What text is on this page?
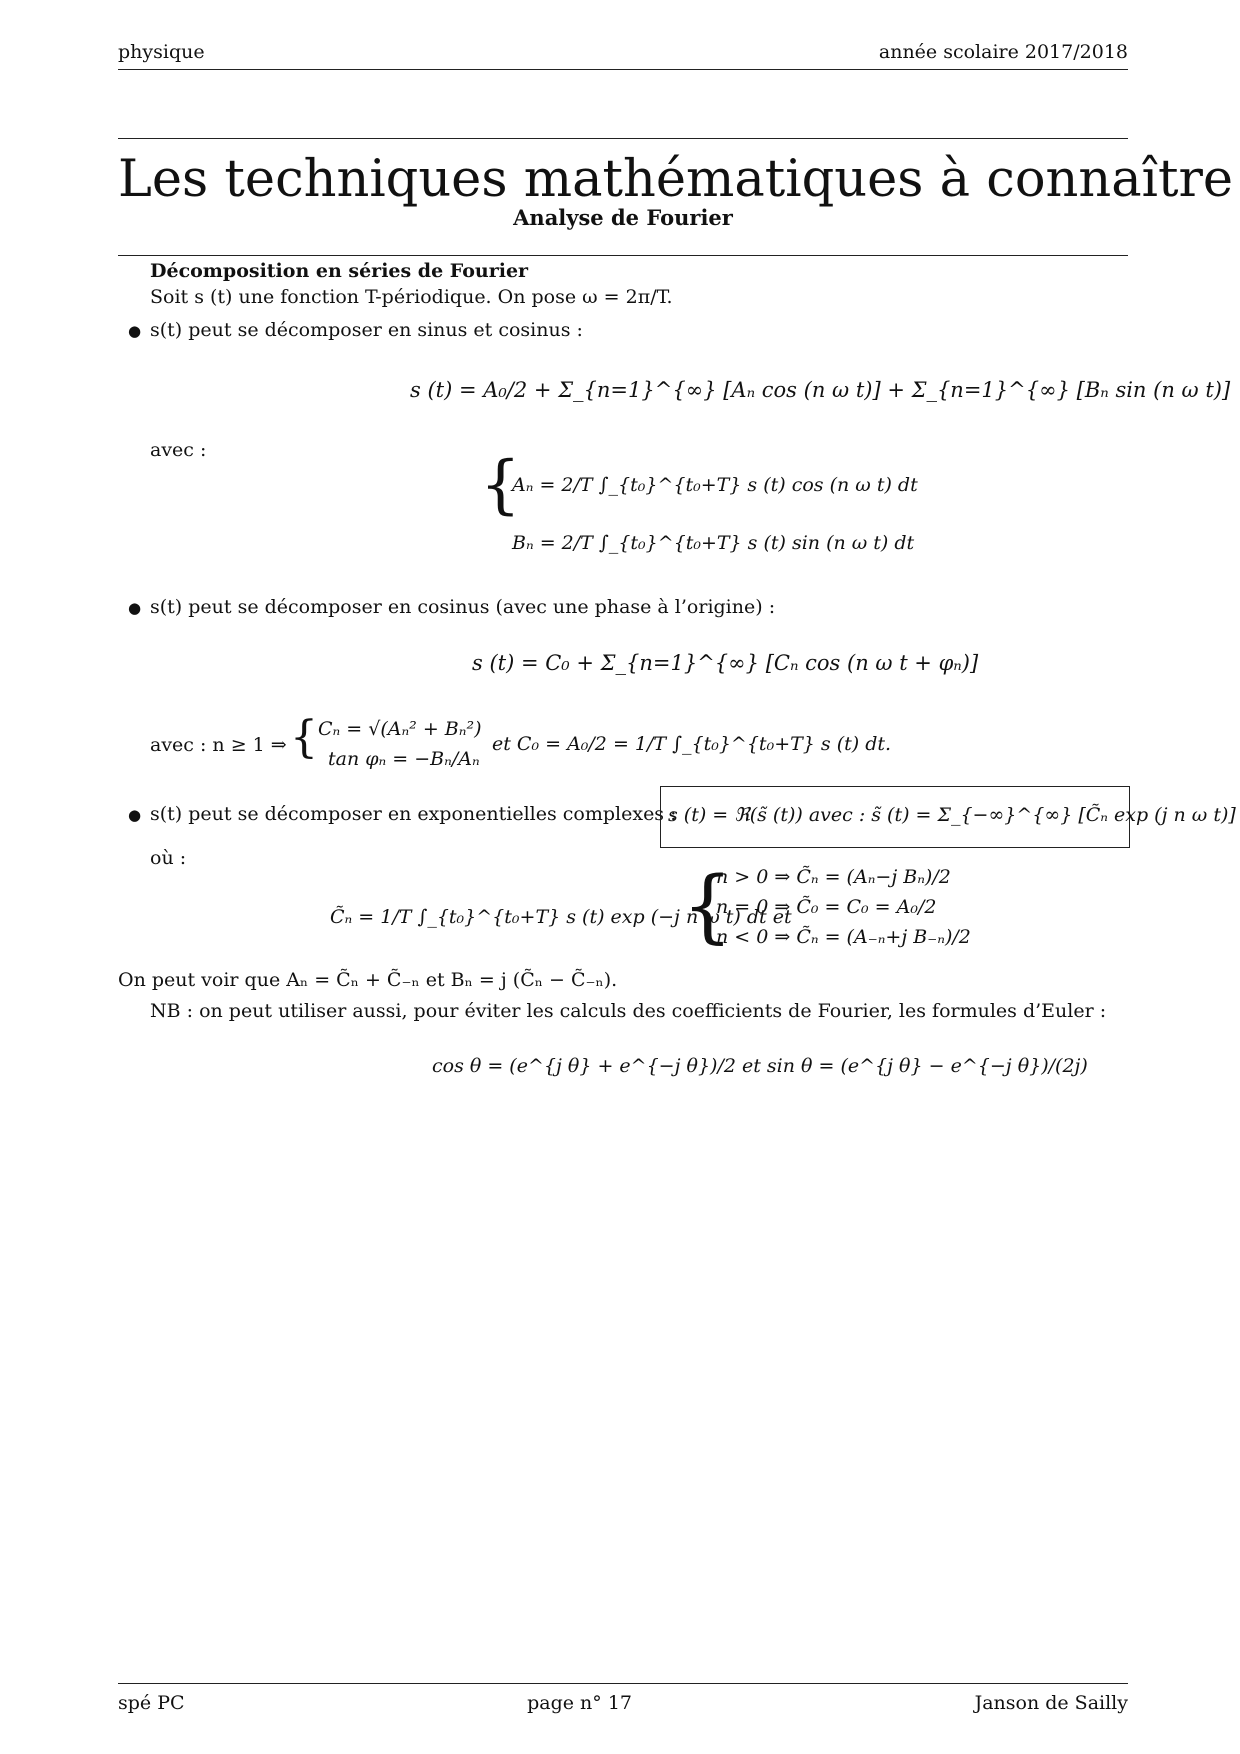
physique	année scolaire 2017/2018
Les techniques mathématiques à connaître
Analyse de Fourier
Décomposition en séries de Fourier
Soit s (t) une fonction T-périodique. On pose ω = 2π/T.
● s(t) peut se décomposer en sinus et cosinus :
s (t) = A₀/2 + Σ_{n=1}^{∞} [Aₙ cos (n ω t)] + Σ_{n=1}^{∞} [Bₙ sin (n ω t)]
avec :	{
Aₙ = 2/T ∫_{t₀}^{t₀+T} s (t) cos (n ω t) dt
Bₙ = 2/T ∫_{t₀}^{t₀+T} s (t) sin (n ω t) dt
● s(t) peut se décomposer en cosinus (avec une phase à l’origine) :
s (t) = C₀ + Σ_{n=1}^{∞} [Cₙ cos (n ω t + φₙ)]
avec : n ≥ 1 ⇒ { Cₙ = √(Aₙ² + Bₙ²)
tan φₙ = −Bₙ/Aₙ
et C₀ = A₀/2 = 1/T ∫_{t₀}^{t₀+T} s (t) dt.
● s(t) peut se décomposer en exponentielles complexes :
s (t) = ℜ(s̃ (t)) avec : s̃ (t) = Σ_{−∞}^{∞} [C̃ₙ exp (j n ω t)]
où :
C̃ₙ = 1/T ∫_{t₀}^{t₀+T} s (t) exp (−j n ω t) dt et
{
n > 0 ⇒ C̃ₙ = (Aₙ−j Bₙ)/2
n = 0 ⇒ C̃₀ = C₀ = A₀/2
n < 0 ⇒ C̃ₙ = (A₋ₙ+j B₋ₙ)/2
On peut voir que Aₙ = C̃ₙ + C̃₋ₙ et Bₙ = j (C̃ₙ − C̃₋ₙ).
NB : on peut utiliser aussi, pour éviter les calculs des coefficients de Fourier, les formules d’Euler :
cos θ = (e^{j θ} + e^{−j θ})/2 et sin θ = (e^{j θ} − e^{−j θ})/(2j)
spé PC	page n° 17	Janson de Sailly
